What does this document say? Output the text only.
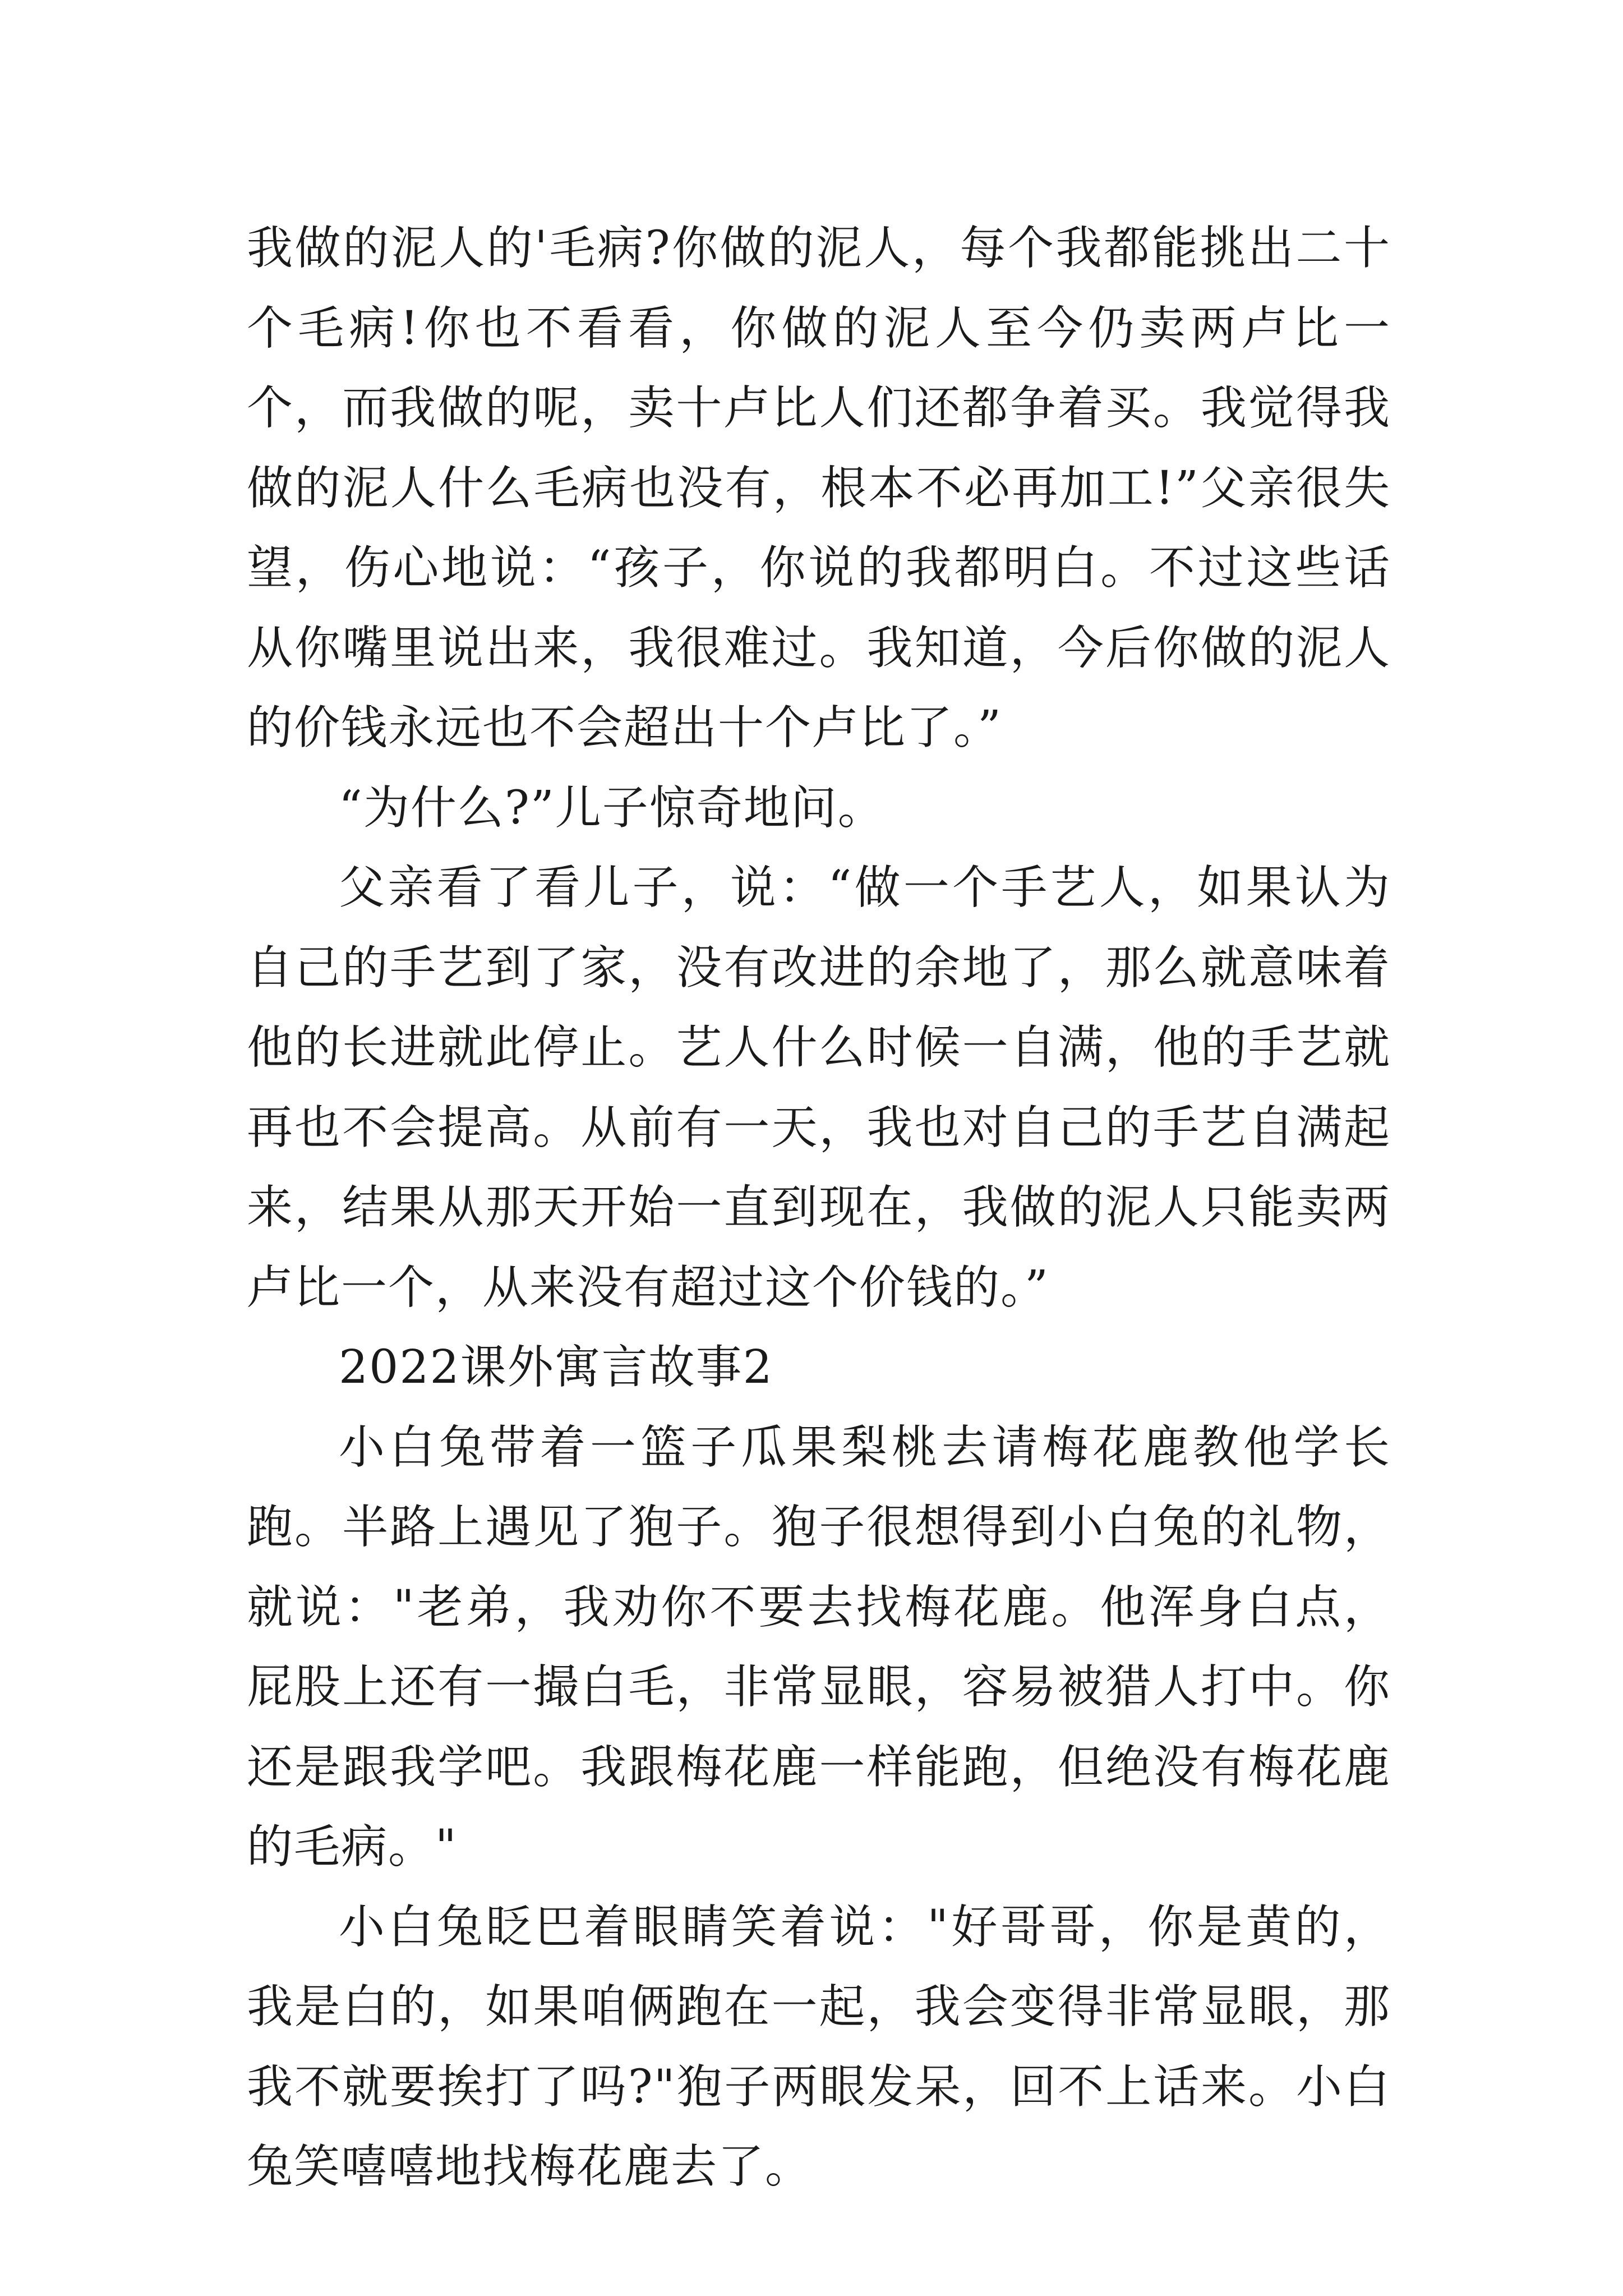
我做的泥人的'毛病?你做的泥人，每个我都能挑出二十个毛病!你也不看看，你做的泥人至今仍卖两卢比一个，而我做的呢，卖十卢比人们还都争着买。我觉得我做的泥人什么毛病也没有，根本不必再加工!”父亲很失望，伤心地说：“孩子，你说的我都明白。不过这些话从你嘴里说出来，我很难过。我知道，今后你做的泥人的价钱永远也不会超出十个卢比了。”

“为什么?”儿子惊奇地问。

父亲看了看儿子，说：“做一个手艺人，如果认为自己的手艺到了家，没有改进的余地了，那么就意味着他的长进就此停止。艺人什么时候一自满，他的手艺就再也不会提高。从前有一天，我也对自己的手艺自满起来，结果从那天开始一直到现在，我做的泥人只能卖两卢比一个，从来没有超过这个价钱的。”

2022课外寓言故事2

小白兔带着一篮子瓜果梨桃去请梅花鹿教他学长跑。半路上遇见了狍子。狍子很想得到小白兔的礼物，就说："老弟，我劝你不要去找梅花鹿。他浑身白点，屁股上还有一撮白毛，非常显眼，容易被猎人打中。你还是跟我学吧。我跟梅花鹿一样能跑，但绝没有梅花鹿的毛病。"

小白兔眨巴着眼睛笑着说："好哥哥，你是黄的，我是白的，如果咱俩跑在一起，我会变得非常显眼，那我不就要挨打了吗?"狍子两眼发呆，回不上话来。小白兔笑嘻嘻地找梅花鹿去了。
